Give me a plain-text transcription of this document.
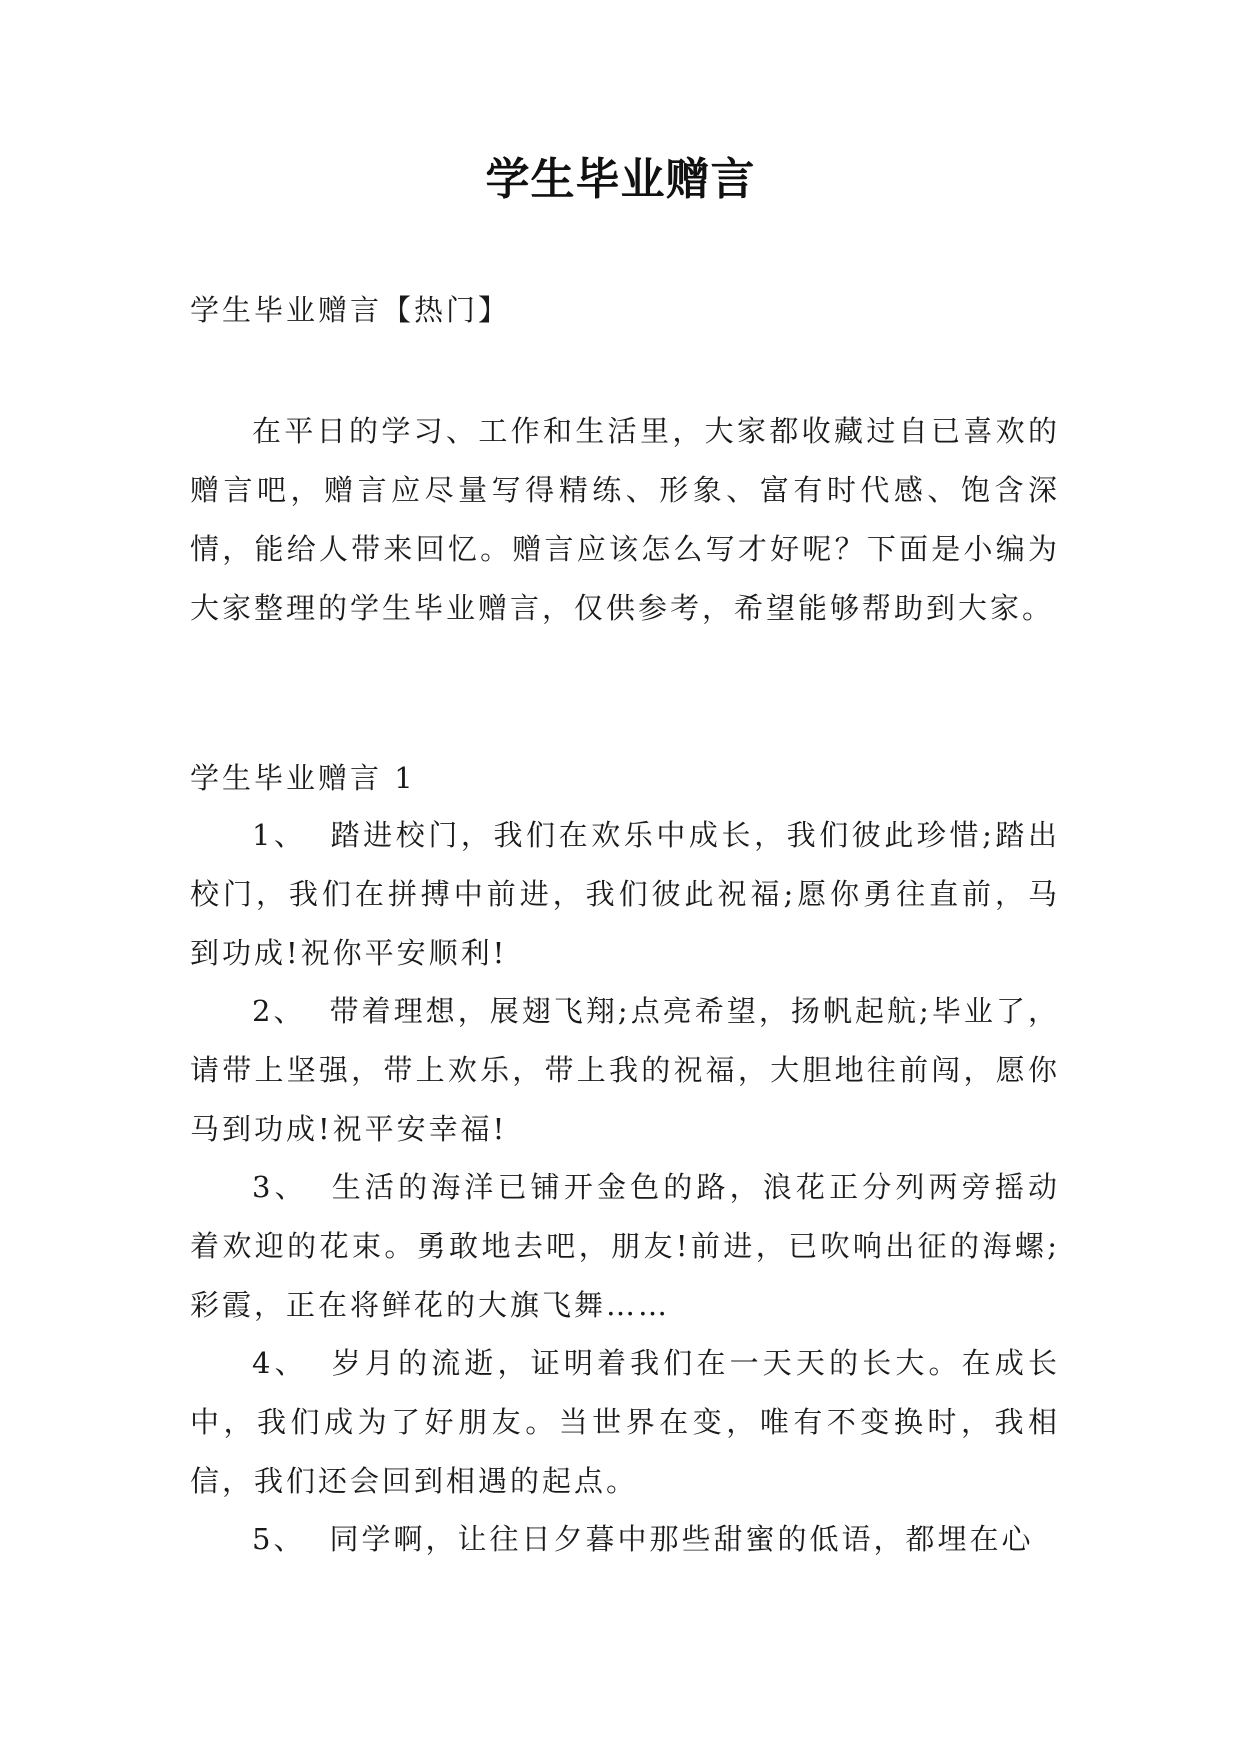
学生毕业赠言
学生毕业赠言【热门】

在平日的学习、工作和生活里，大家都收藏过自已喜欢的赠言吧，赠言应尽量写得精练、形象、富有时代感、饱含深情，能给人带来回忆。赠言应该怎么写才好呢？下面是小编为大家整理的学生毕业赠言，仅供参考，希望能够帮助到大家。

学生毕业赠言 1

1、 踏进校门，我们在欢乐中成长，我们彼此珍惜;踏出校门，我们在拼搏中前进，我们彼此祝福;愿你勇往直前，马到功成!祝你平安顺利!

2、 带着理想，展翅飞翔;点亮希望，扬帆起航;毕业了，请带上坚强，带上欢乐，带上我的祝福，大胆地往前闯，愿你马到功成!祝平安幸福!

3、 生活的海洋已铺开金色的路，浪花正分列两旁摇动着欢迎的花束。勇敢地去吧，朋友!前进，已吹响出征的海螺;彩霞，正在将鲜花的大旗飞舞……

4、 岁月的流逝，证明着我们在一天天的长大。在成长中，我们成为了好朋友。当世界在变，唯有不变换时，我相信，我们还会回到相遇的起点。

5、 同学啊，让往日夕暮中那些甜蜜的低语，都埋在心
